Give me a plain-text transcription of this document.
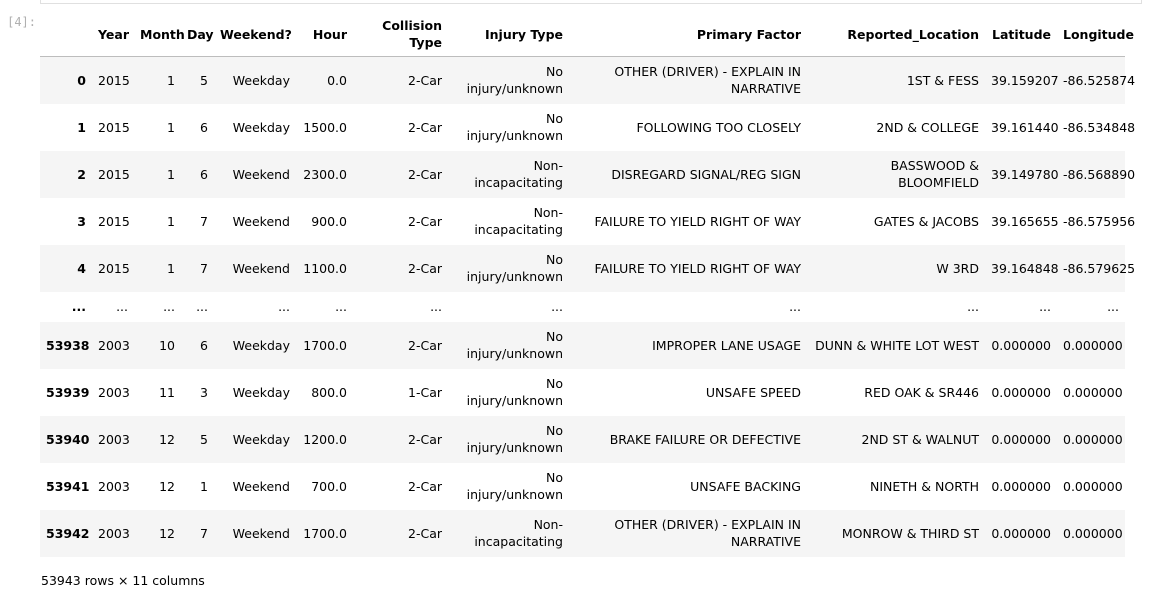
[4]:
	Year	Month	Day	Weekend?	Hour	Collision Type	Injury Type	Primary Factor	Reported_Location	Latitude	Longitude
0	2015	1	5	Weekday	0.0	2-Car	No injury/unknown	OTHER (DRIVER) - EXPLAIN IN NARRATIVE	1ST & FESS	39.159207	-86.525874
1	2015	1	6	Weekday	1500.0	2-Car	No injury/unknown	FOLLOWING TOO CLOSELY	2ND & COLLEGE	39.161440	-86.534848
2	2015	1	6	Weekend	2300.0	2-Car	Non-incapacitating	DISREGARD SIGNAL/REG SIGN	BASSWOOD & BLOOMFIELD	39.149780	-86.568890
3	2015	1	7	Weekend	900.0	2-Car	Non-incapacitating	FAILURE TO YIELD RIGHT OF WAY	GATES & JACOBS	39.165655	-86.575956
4	2015	1	7	Weekend	1100.0	2-Car	No injury/unknown	FAILURE TO YIELD RIGHT OF WAY	W 3RD	39.164848	-86.579625
...	...	...	...	...	...	...	...	...	...	...	...
53938	2003	10	6	Weekday	1700.0	2-Car	No injury/unknown	IMPROPER LANE USAGE	DUNN & WHITE LOT WEST	0.000000	0.000000
53939	2003	11	3	Weekday	800.0	1-Car	No injury/unknown	UNSAFE SPEED	RED OAK & SR446	0.000000	0.000000
53940	2003	12	5	Weekday	1200.0	2-Car	No injury/unknown	BRAKE FAILURE OR DEFECTIVE	2ND ST & WALNUT	0.000000	0.000000
53941	2003	12	1	Weekend	700.0	2-Car	No injury/unknown	UNSAFE BACKING	NINETH & NORTH	0.000000	0.000000
53942	2003	12	7	Weekend	1700.0	2-Car	Non-incapacitating	OTHER (DRIVER) - EXPLAIN IN NARRATIVE	MONROW & THIRD ST	0.000000	0.000000
53943 rows × 11 columns
